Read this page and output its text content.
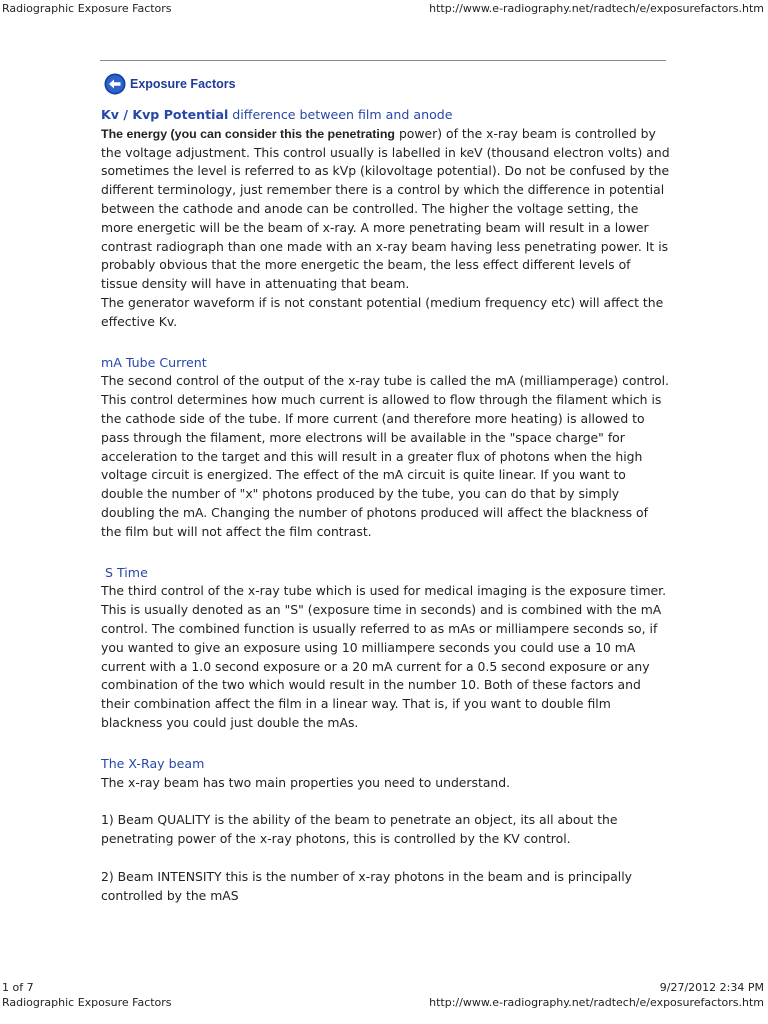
Radiographic Exposure Factors	http://www.e-radiography.net/radtech/e/exposurefactors.htm
Exposure Factors
Kv / Kvp Potential difference between film and anode

The energy (you can consider this the penetrating power) of the x-ray beam is controlled by the voltage adjustment. This control usually is labelled in keV (thousand electron volts) and sometimes the level is referred to as kVp (kilovoltage potential). Do not be confused by the different terminology, just remember there is a control by which the difference in potential between the cathode and anode can be controlled. The higher the voltage setting, the more energetic will be the beam of x-ray. A more penetrating beam will result in a lower contrast radiograph than one made with an x-ray beam having less penetrating power. It is probably obvious that the more energetic the beam, the less effect different levels of tissue density will have in attenuating that beam.

The generator waveform if is not constant potential (medium frequency etc) will affect the effective Kv.

mA Tube Current

The second control of the output of the x-ray tube is called the mA (milliamperage) control. This control determines how much current is allowed to flow through the filament which is the cathode side of the tube. If more current (and therefore more heating) is allowed to pass through the filament, more electrons will be available in the "space charge" for acceleration to the target and this will result in a greater flux of photons when the high voltage circuit is energized. The effect of the mA circuit is quite linear. If you want to double the number of "x" photons produced by the tube, you can do that by simply doubling the mA. Changing the number of photons produced will affect the blackness of the film but will not affect the film contrast.

S Time

The third control of the x-ray tube which is used for medical imaging is the exposure timer. This is usually denoted as an "S" (exposure time in seconds) and is combined with the mA control. The combined function is usually referred to as mAs or milliampere seconds so, if you wanted to give an exposure using 10 milliampere seconds you could use a 10 mA current with a 1.0 second exposure or a 20 mA current for a 0.5 second exposure or any combination of the two which would result in the number 10. Both of these factors and their combination affect the film in a linear way. That is, if you want to double film blackness you could just double the mAs.

The X-Ray beam

The x-ray beam has two main properties you need to understand.

1) Beam QUALITY is the ability of the beam to penetrate an object, its all about the penetrating power of the x-ray photons, this is controlled by the KV control.

2) Beam INTENSITY this is the number of x-ray photons in the beam and is principally controlled by the mAS

1 of 7	9/27/2012 2:34 PM
Radiographic Exposure Factors	http://www.e-radiography.net/radtech/e/exposurefactors.htm
